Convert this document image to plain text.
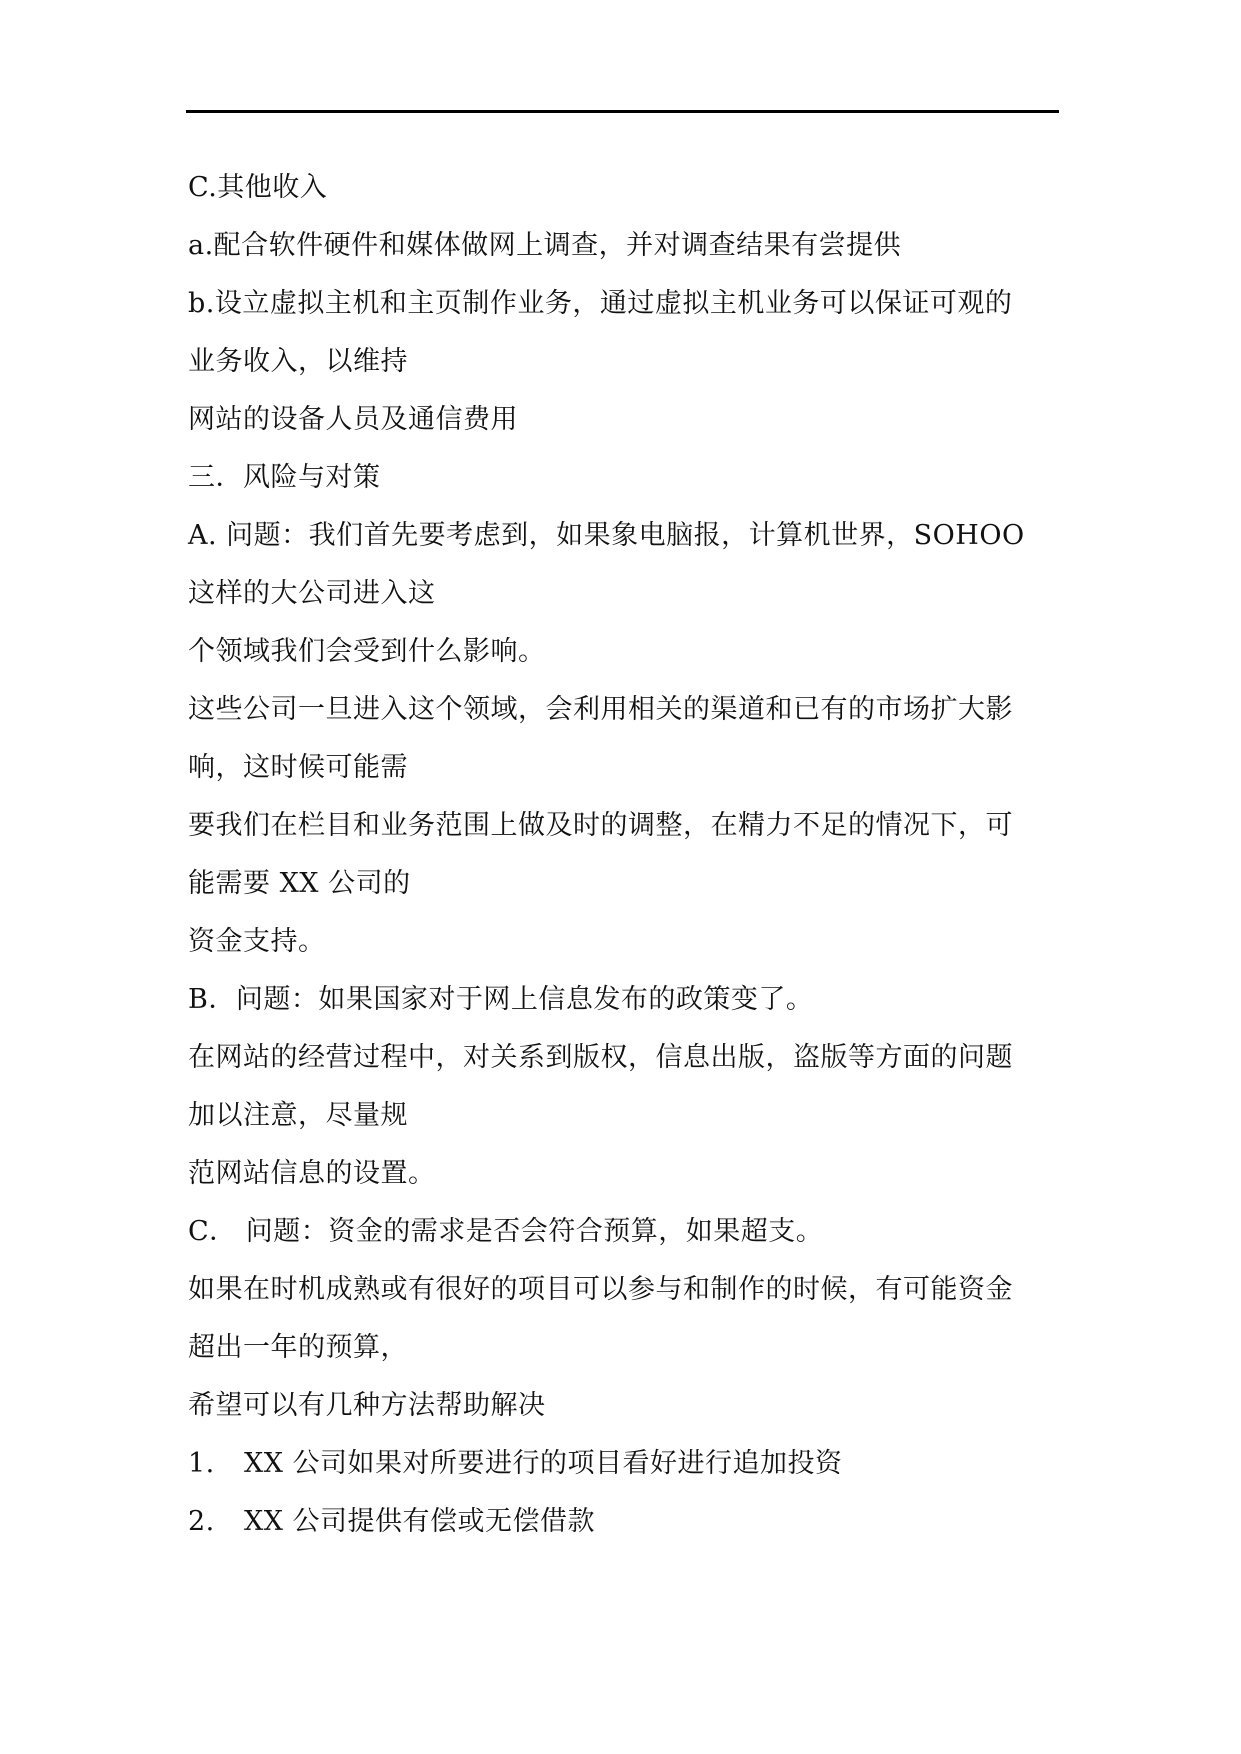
C.其他收入
a.配合软件硬件和媒体做网上调查，并对调查结果有尝提供
b.设立虚拟主机和主页制作业务，通过虚拟主机业务可以保证可观的
业务收入，以维持
网站的设备人员及通信费用
三．风险与对策
A. 问题：我们首先要考虑到，如果象电脑报，计算机世界，SOHOO
这样的大公司进入这
个领域我们会受到什么影响。
这些公司一旦进入这个领域，会利用相关的渠道和已有的市场扩大影
响，这时候可能需
要我们在栏目和业务范围上做及时的调整，在精力不足的情况下，可
能需要 XX 公司的
资金支持。
B．问题：如果国家对于网上信息发布的政策变了。
在网站的经营过程中，对关系到版权，信息出版，盗版等方面的问题
加以注意，尽量规
范网站信息的设置。
C． 问题：资金的需求是否会符合预算，如果超支。
如果在时机成熟或有很好的项目可以参与和制作的时候，有可能资金
超出一年的预算，
希望可以有几种方法帮助解决
1. XX 公司如果对所要进行的项目看好进行追加投资
2. XX 公司提供有偿或无偿借款
